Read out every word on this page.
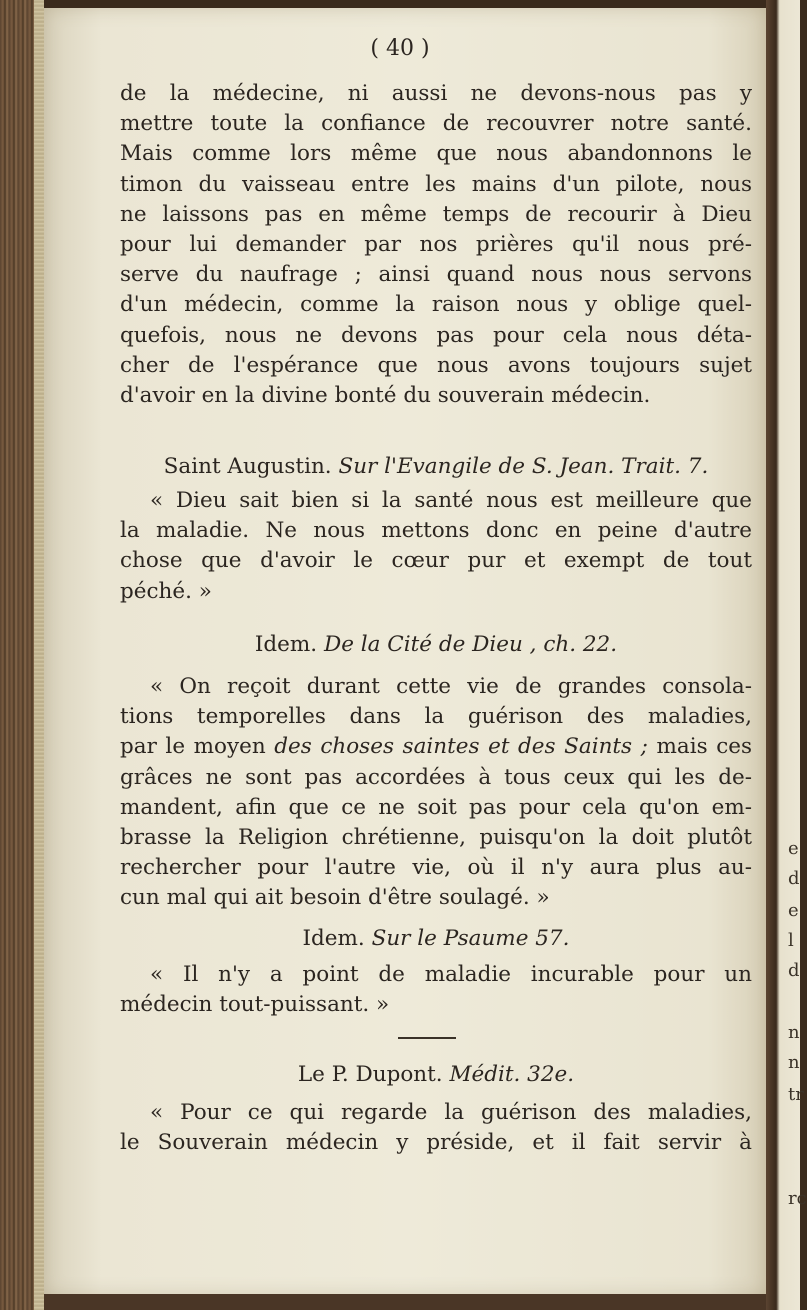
e
d
e
l
d
n
n
tr
rc
( 40 )
de la médecine, ni aussi ne devons-nous pas y
mettre toute la confiance de recouvrer notre santé.
Mais comme lors même que nous abandonnons le
timon du vaisseau entre les mains d'un pilote, nous
ne laissons pas en même temps de recourir à Dieu
pour lui demander par nos prières qu'il nous pré-
serve du naufrage ; ainsi quand nous nous servons
d'un médecin, comme la raison nous y oblige quel-
quefois, nous ne devons pas pour cela nous déta-
cher de l'espérance que nous avons toujours sujet
d'avoir en la divine bonté du souverain médecin.
Saint Augustin. Sur l'Evangile de S. Jean. Trait. 7.
« Dieu sait bien si la santé nous est meilleure que
la maladie. Ne nous mettons donc en peine d'autre
chose que d'avoir le cœur pur et exempt de tout
péché. »
Idem. De la Cité de Dieu , ch. 22.
« On reçoit durant cette vie de grandes consola-
tions temporelles dans la guérison des maladies,
par le moyen des choses saintes et des Saints ; mais ces
grâces ne sont pas accordées à tous ceux qui les de-
mandent, afin que ce ne soit pas pour cela qu'on em-
brasse la Religion chrétienne, puisqu'on la doit plutôt
rechercher pour l'autre vie, où il n'y aura plus au-
cun mal qui ait besoin d'être soulagé. »
Idem. Sur le Psaume 57.
« Il n'y a point de maladie incurable pour un
médecin tout-puissant. »
Le P. Dupont. Médit. 32e.
« Pour ce qui regarde la guérison des maladies,
le Souverain médecin y préside, et il fait servir à
